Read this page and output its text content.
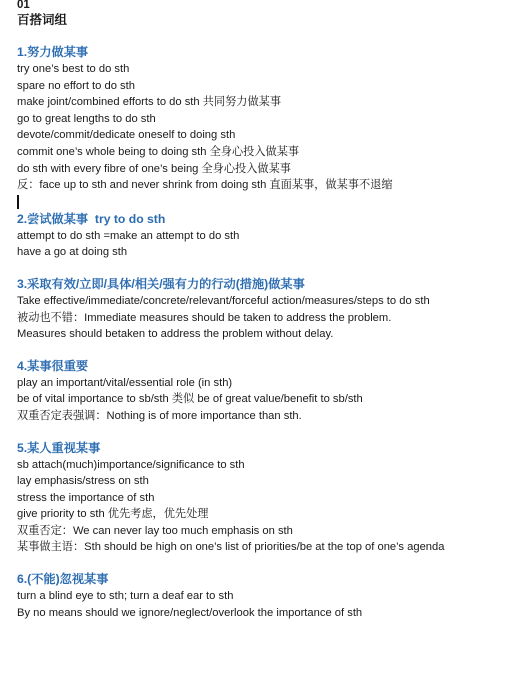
01
百搭词组
1.努力做某事
try one’s best to do sth
spare no effort to do sth
make joint/combined efforts to do sth 共同努力做某事
go to great lengths to do sth
devote/commit/dedicate oneself to doing sth
commit one’s whole being to doing sth 全身心投入做某事
do sth with every fibre of one’s being 全身心投入做某事
反：face up to sth and never shrink from doing sth 直面某事，做某事不退缩
2.尝试做某事 try to do sth
attempt to do sth =make an attempt to do sth
have a go at doing sth
3.采取有效/立即/具体/相关/强有力的行动(措施)做某事
Take effective/immediate/concrete/relevant/forceful action/measures/steps to do sth
被动也不错：Immediate measures should be taken to address the problem.
Measures should betaken to address the problem without delay.
4.某事很重要
play an important/vital/essential role (in sth)
be of vital importance to sb/sth 类似 be of great value/benefit to sb/sth
双重否定表强调：Nothing is of more importance than sth.
5.某人重视某事
sb attach(much)importance/significance to sth
lay emphasis/stress on sth
stress the importance of sth
give priority to sth 优先考虑，优先处理
双重否定：We can never lay too much emphasis on sth
某事做主语：Sth should be high on one’s list of priorities/be at the top of one’s agenda
6.(不能)忽视某事
turn a blind eye to sth; turn a deaf ear to sth
By no means should we ignore/neglect/overlook the importance of sth
